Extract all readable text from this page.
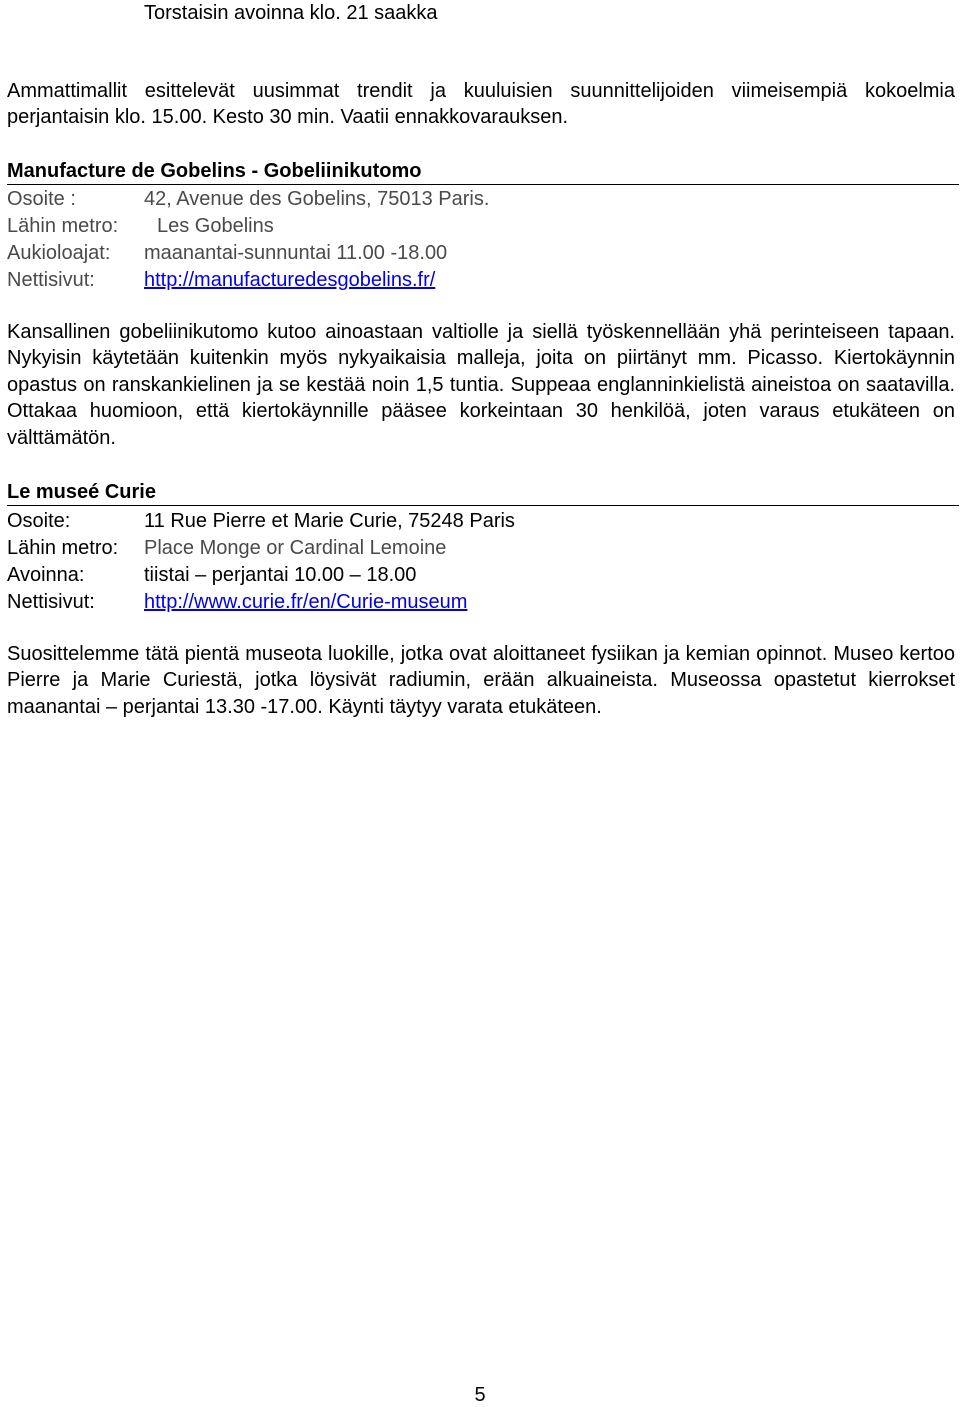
Torstaisin avoinna klo. 21 saakka
Ammattimallit esittelevät uusimmat trendit ja kuuluisien suunnittelijoiden viimeisempiä kokoelmia perjantaisin klo. 15.00. Kesto 30 min. Vaatii ennakkovarauksen.
Manufacture de Gobelins - Gobeliinikutomo
Osoite :	42, Avenue des Gobelins, 75013 Paris.
Lähin metro: Les Gobelins
Aukioloajat: maanantai-sunnuntai 11.00 -18.00
Nettisivut: http://manufacturedesgobelins.fr/
Kansallinen gobeliinikutomo kutoo ainoastaan valtiolle ja siellä työskennellään yhä perinteiseen tapaan. Nykyisin käytetään kuitenkin myös nykyaikaisia malleja, joita on piirtänyt mm. Picasso. Kiertokäynnin opastus on ranskankielinen ja se kestää noin 1,5 tuntia. Suppeaa englanninkielistä aineistoa on saatavilla. Ottakaa huomioon, että kiertokäynnille pääsee korkeintaan 30 henkilöä, joten varaus etukäteen on välttämätön.
Le museé Curie
Osoite:	11 Rue Pierre et Marie Curie, 75248 Paris
Lähin metro: Place Monge or Cardinal Lemoine
Avoinna:	tiistai – perjantai 10.00 – 18.00
Nettisivut: http://www.curie.fr/en/Curie-museum
Suosittelemme tätä pientä museota luokille, jotka ovat aloittaneet fysiikan ja kemian opinnot. Museo kertoo Pierre ja Marie Curiestä, jotka löysivät radiumin, erään alkuaineista. Museossa opastetut kierrokset maanantai – perjantai 13.30 -17.00. Käynti täytyy varata etukäteen.
5
